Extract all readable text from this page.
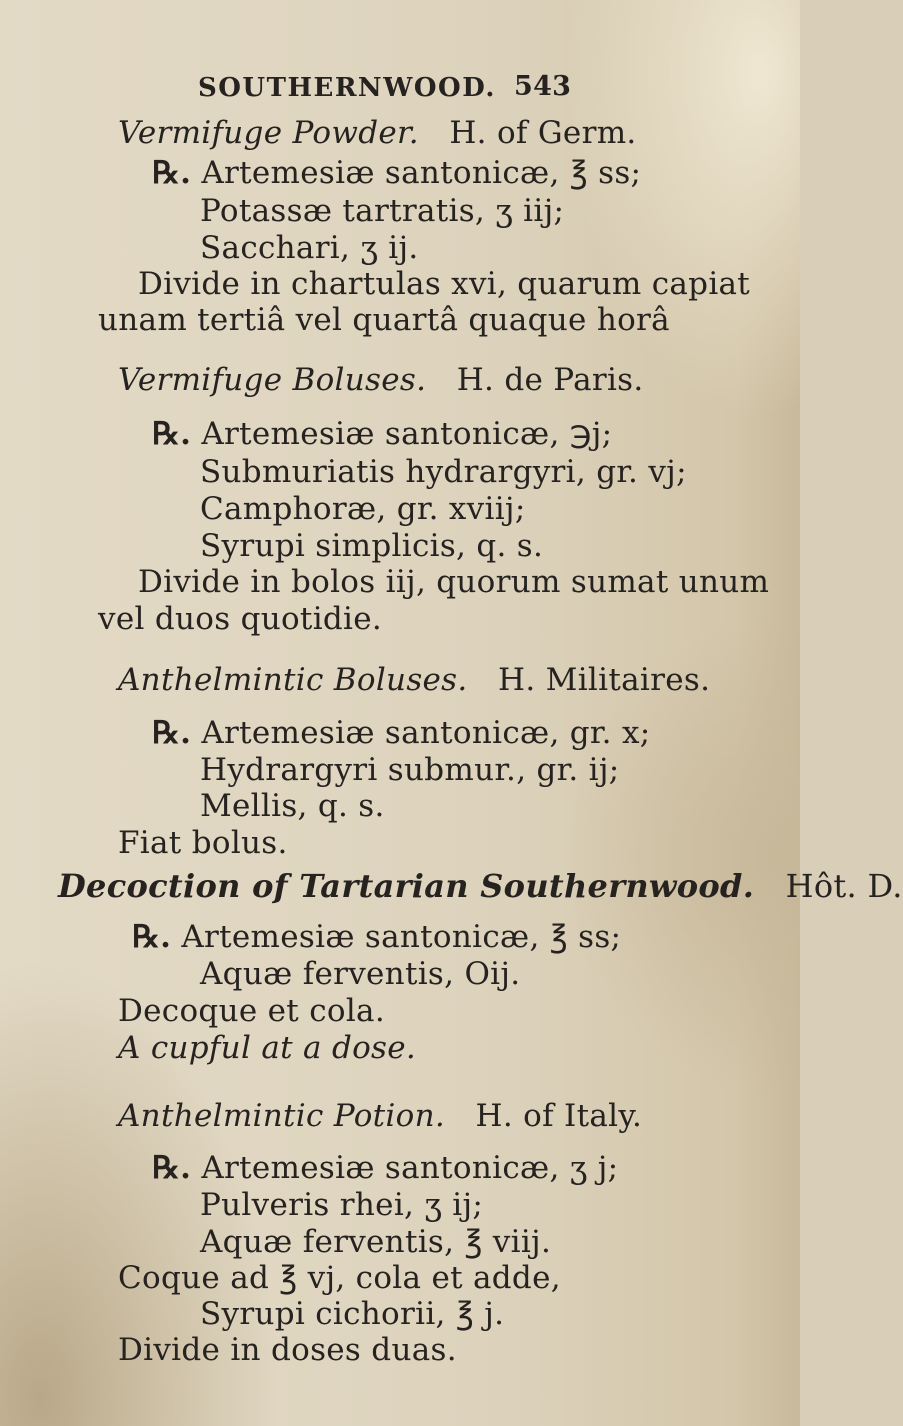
SOUTHERNWOOD. 543
Vermifuge Powder. H. of Germ.
℞. Artemesiæ santonicæ, ℥ ss;
Potassæ tartratis, ʒ iij;
Sacchari, ʒ ij.
Divide in chartulas xvi, quarum capiat
unam tertiâ vel quartâ quaque horâ
Vermifuge Boluses. H. de Paris.
℞. Artemesiæ santonicæ, ℈j;
Submuriatis hydrargyri, gr. vj;
Camphoræ, gr. xviij;
Syrupi simplicis, q. s.
Divide in bolos iij, quorum sumat unum
vel duos quotidie.
Anthelmintic Boluses. H. Militaires.
℞. Artemesiæ santonicæ, gr. x;
Hydrargyri submur., gr. ij;
Mellis, q. s.
Fiat bolus.
Decoction of Tartarian Southernwood. Hôt. D.
℞. Artemesiæ santonicæ, ℥ ss;
Aquæ ferventis, Oij.
Decoque et cola.
A cupful at a dose.
Anthelmintic Potion. H. of Italy.
℞. Artemesiæ santonicæ, ʒ j;
Pulveris rhei, ʒ ij;
Aquæ ferventis, ℥ viij.
Coque ad ℥ vj, cola et adde,
Syrupi cichorii, ℥ j.
Divide in doses duas.
